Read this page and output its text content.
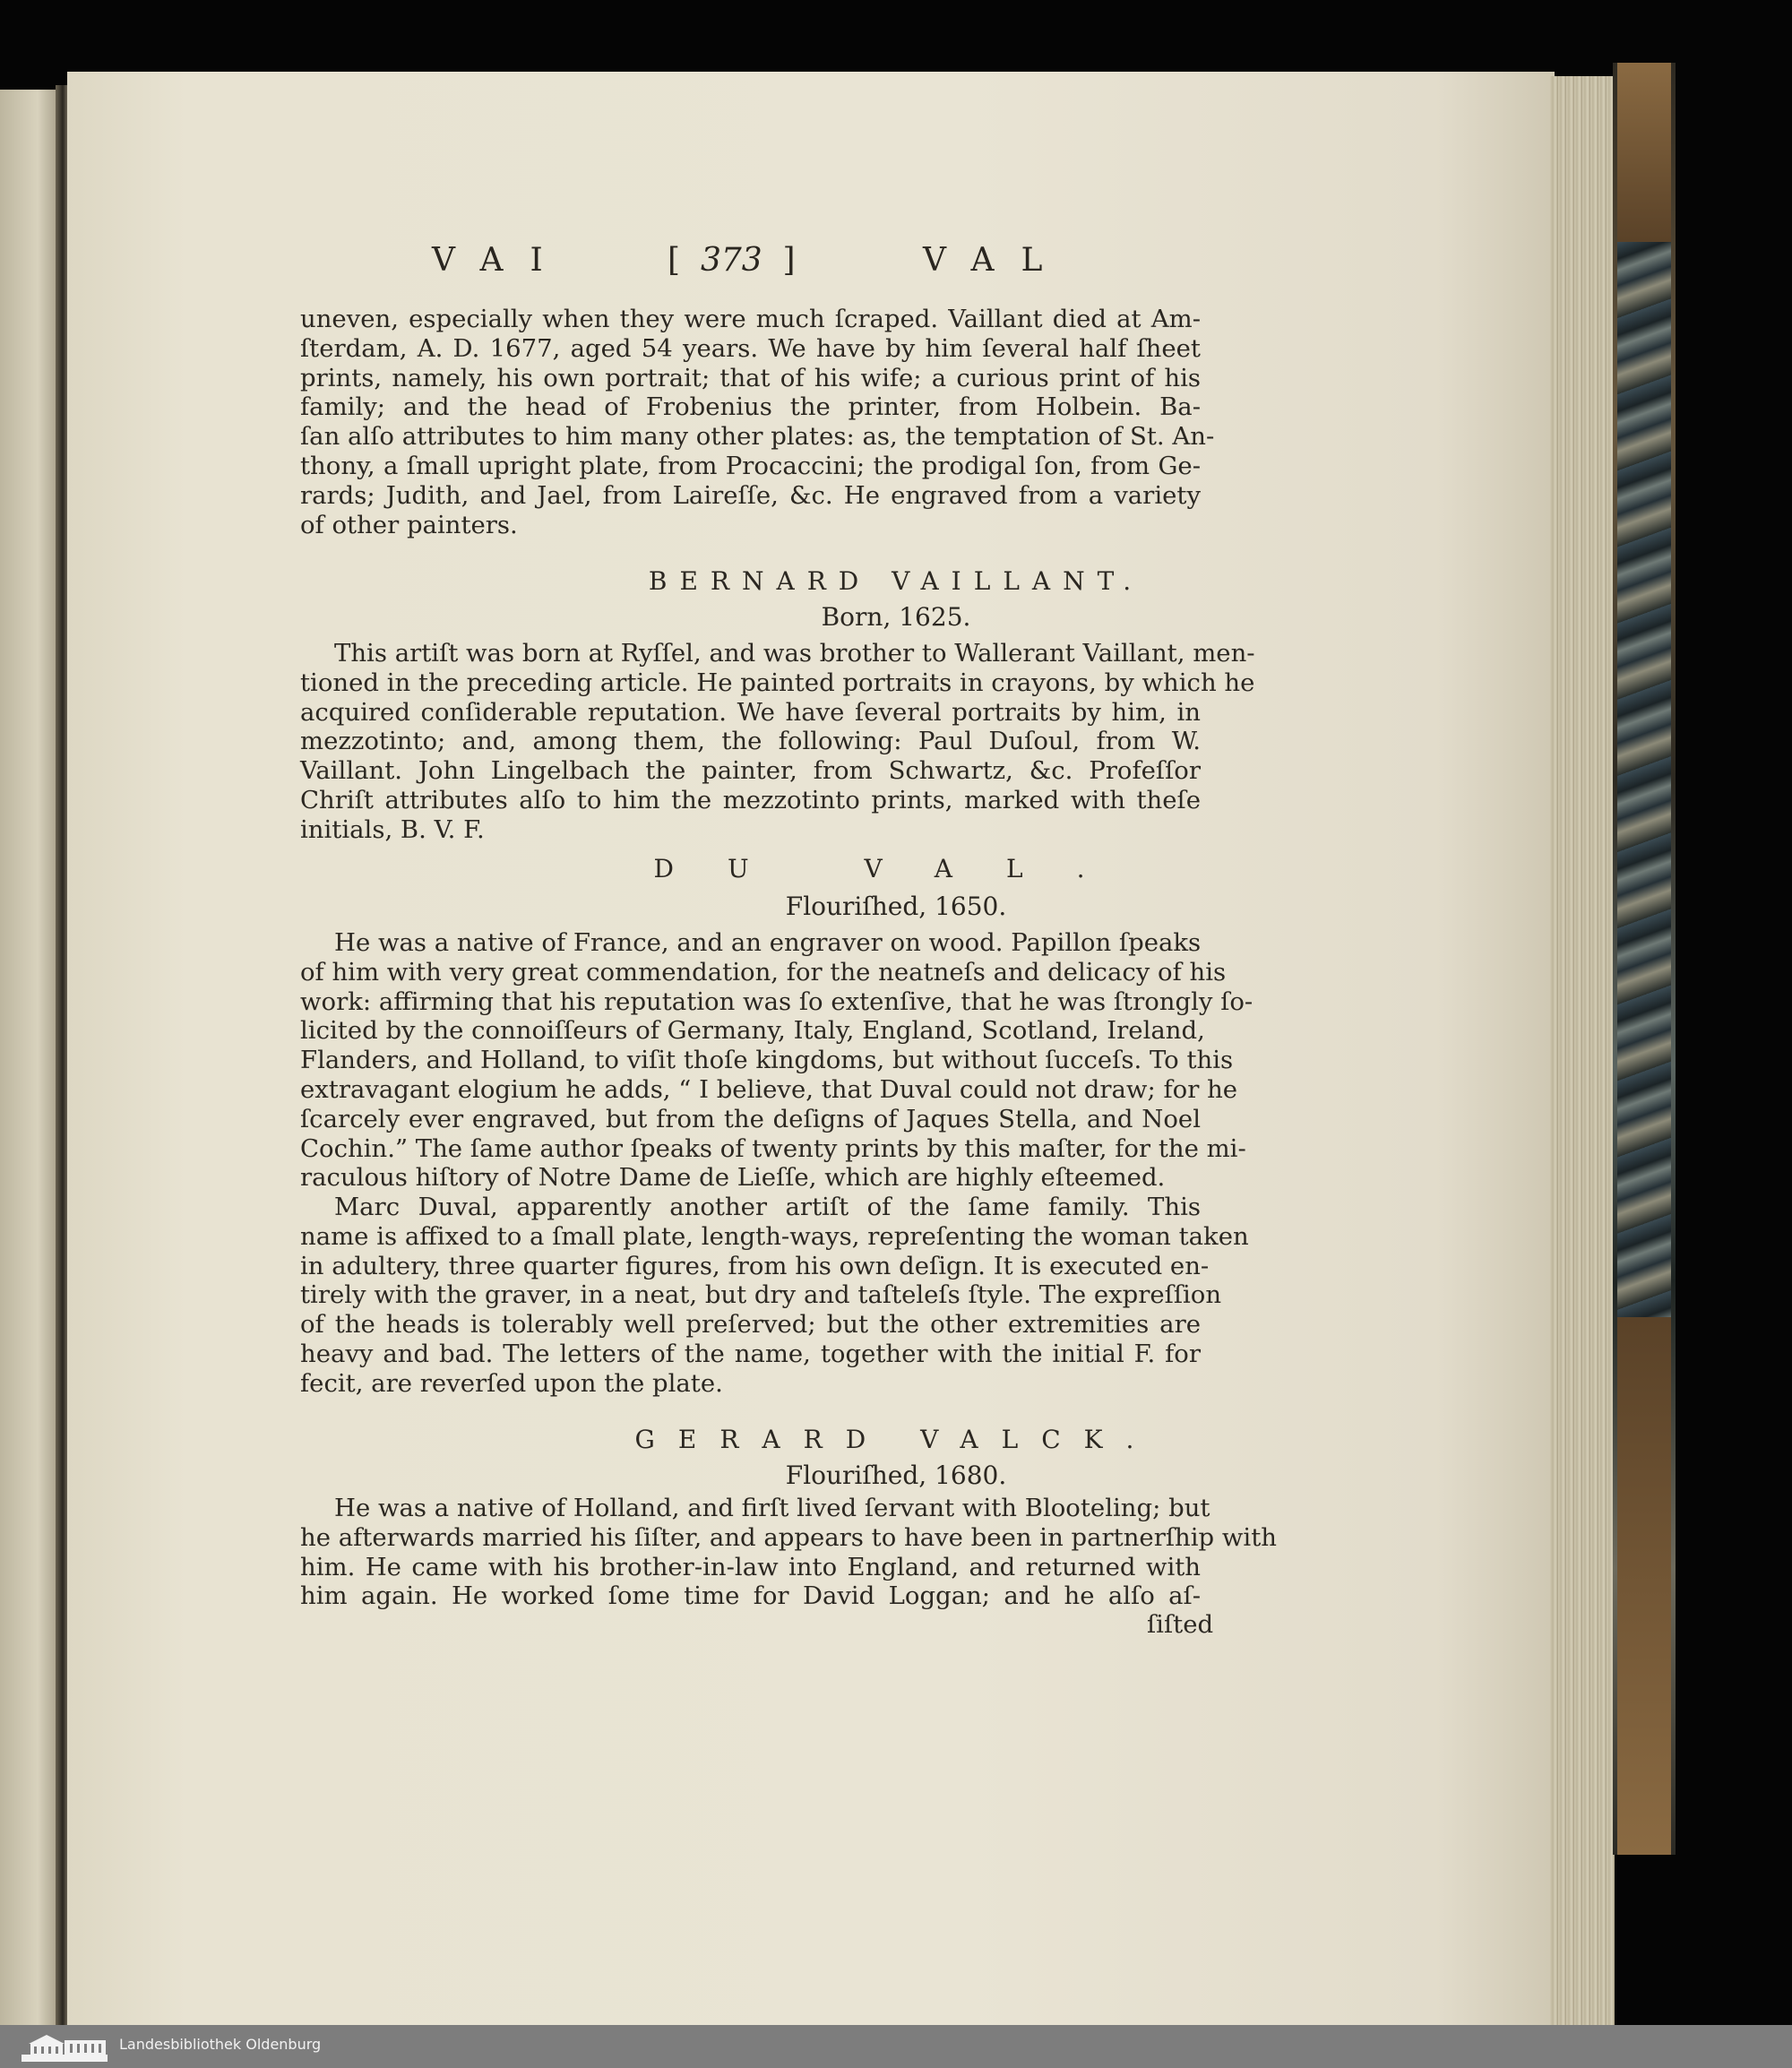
VAI	[  373  ]	VAL
uneven, especially when they were much ſcraped. Vaillant died at Am-
ſterdam, A. D. 1677, aged 54 years. We have by him ſeveral half ſheet
prints, namely, his own portrait; that of his wife; a curious print of his
family; and the head of Frobenius the printer, from Holbein. Ba-
ſan alſo attributes to him many other plates: as, the temptation of St. An-
thony, a ſmall upright plate, from Procaccini; the prodigal ſon, from Ge-
rards; Judith, and Jael, from Laireſſe, &c. He engraved from a variety
of other painters.
BERNARD VAILLANT.
Born, 1625.
This artiſt was born at Ryſſel, and was brother to Wallerant Vaillant, men-
tioned in the preceding article. He painted portraits in crayons, by which he
acquired conſiderable reputation. We have ſeveral portraits by him, in
mezzotinto; and, among them, the following: Paul Duſoul, from W.
Vaillant. John Lingelbach the painter, from Schwartz, &c. Profeſſor
Chriſt attributes alſo to him the mezzotinto prints, marked with theſe
initials, B. V. F.
DU VAL.
Flouriſhed, 1650.
He was a native of France, and an engraver on wood. Papillon ſpeaks
of him with very great commendation, for the neatneſs and delicacy of his
work: affirming that his reputation was ſo extenſive, that he was ſtrongly ſo-
licited by the connoiſſeurs of Germany, Italy, England, Scotland, Ireland,
Flanders, and Holland, to viſit thoſe kingdoms, but without ſucceſs. To this
extravagant elogium he adds, “ I believe, that Duval could not draw; for he
ſcarcely ever engraved, but from the deſigns of Jaques Stella, and Noel
Cochin.” The ſame author ſpeaks of twenty prints by this maſter, for the mi-
raculous hiſtory of Notre Dame de Lieſſe, which are highly eſteemed.
Marc Duval, apparently another artiſt of the ſame family. This
name is affixed to a ſmall plate, length-ways, repreſenting the woman taken
in adultery, three quarter figures, from his own deſign. It is executed en-
tirely with the graver, in a neat, but dry and taſteleſs ſtyle. The expreſſion
of the heads is tolerably well preſerved; but the other extremities are
heavy and bad. The letters of the name, together with the initial F. for
fecit, are reverſed upon the plate.
GERARD VALCK.
Flouriſhed, 1680.
He was a native of Holland, and firſt lived ſervant with Blooteling; but
he afterwards married his ſiſter, and appears to have been in partnerſhip with
him. He came with his brother-in-law into England, and returned with
him again. He worked ſome time for David Loggan; and he alſo aſ-
ſiſted
Landesbibliothek Oldenburg
